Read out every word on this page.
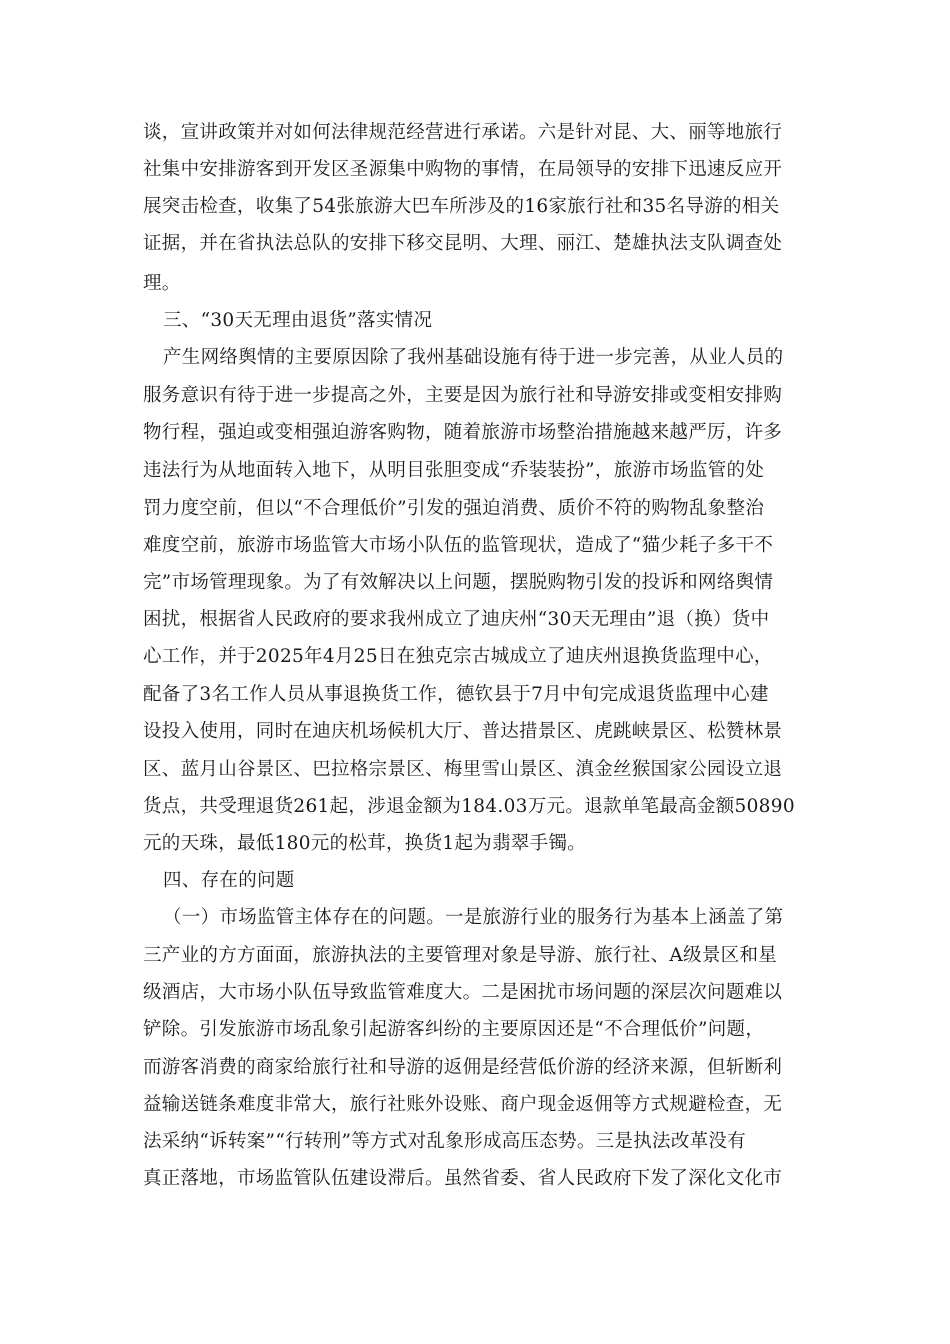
谈，宣讲政策并对如何法律规范经营进行承诺。六是针对昆、大、丽等地旅行
社集中安排游客到开发区圣源集中购物的事情，在局领导的安排下迅速反应开
展突击检查，收集了54张旅游大巴车所涉及的16家旅行社和35名导游的相关
证据，并在省执法总队的安排下移交昆明、大理、丽江、楚雄执法支队调查处
理。
三、“30天无理由退货”落实情况
产生网络舆情的主要原因除了我州基础设施有待于进一步完善，从业人员的
服务意识有待于进一步提高之外，主要是因为旅行社和导游安排或变相安排购
物行程，强迫或变相强迫游客购物，随着旅游市场整治措施越来越严厉，许多
违法行为从地面转入地下，从明目张胆变成“乔装装扮”，旅游市场监管的处
罚力度空前，但以“不合理低价”引发的强迫消费、质价不符的购物乱象整治
难度空前，旅游市场监管大市场小队伍的监管现状，造成了“猫少耗子多干不
完”市场管理现象。为了有效解决以上问题，摆脱购物引发的投诉和网络舆情
困扰，根据省人民政府的要求我州成立了迪庆州“30天无理由”退（换）货中
心工作，并于2025年4月25日在独克宗古城成立了迪庆州退换货监理中心，
配备了3名工作人员从事退换货工作，德钦县于7月中旬完成退货监理中心建
设投入使用，同时在迪庆机场候机大厅、普达措景区、虎跳峡景区、松赞林景
区、蓝月山谷景区、巴拉格宗景区、梅里雪山景区、滇金丝猴国家公园设立退
货点，共受理退货261起，涉退金额为184.03万元。退款单笔最高金额50890
元的天珠，最低180元的松茸，换货1起为翡翠手镯。
四、存在的问题
（一）市场监管主体存在的问题。一是旅游行业的服务行为基本上涵盖了第
三产业的方方面面，旅游执法的主要管理对象是导游、旅行社、A级景区和星
级酒店，大市场小队伍导致监管难度大。二是困扰市场问题的深层次问题难以
铲除。引发旅游市场乱象引起游客纠纷的主要原因还是“不合理低价”问题，
而游客消费的商家给旅行社和导游的返佣是经营低价游的经济来源，但斩断利
益输送链条难度非常大，旅行社账外设账、商户现金返佣等方式规避检查，无
法采纳“诉转案”“行转刑”等方式对乱象形成高压态势。三是执法改革没有
真正落地，市场监管队伍建设滞后。虽然省委、省人民政府下发了深化文化市
